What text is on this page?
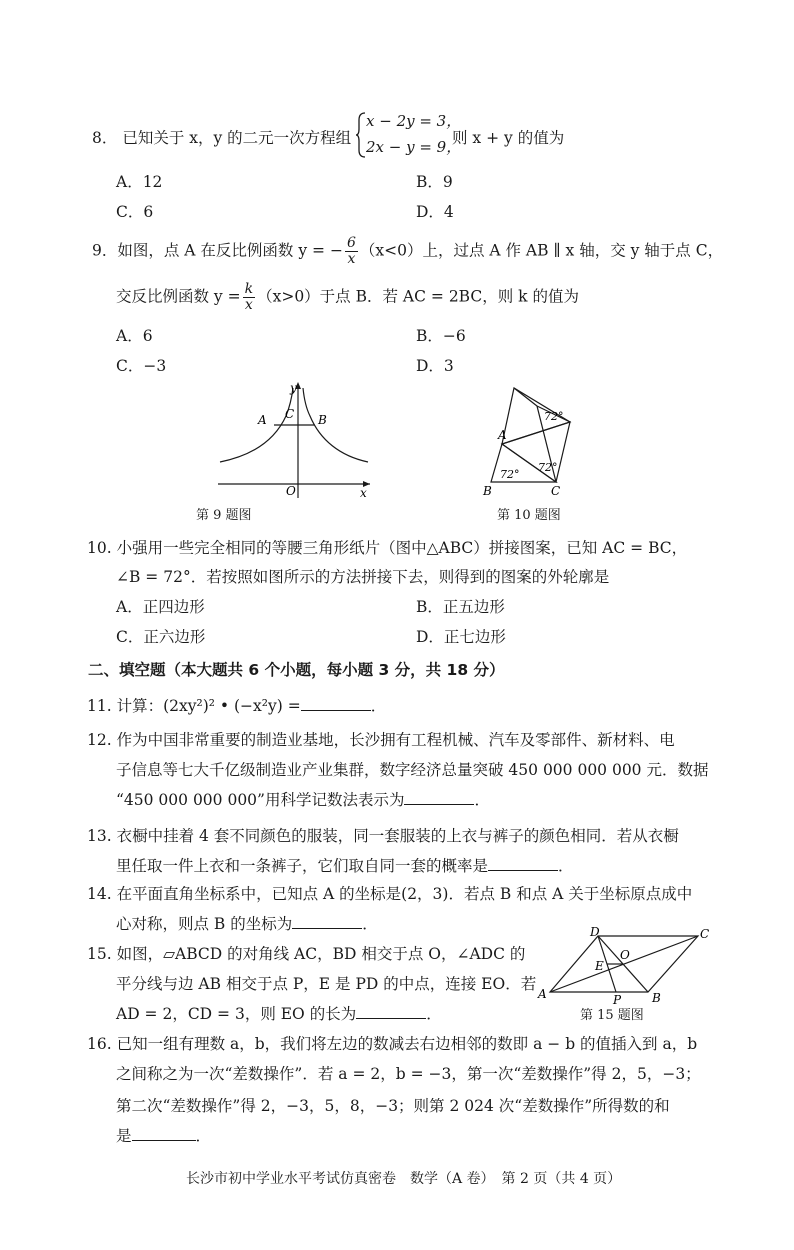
8． 已知关于 x，y 的二元一次方程组
x − 2y = 3，
2x − y = 9，
则 x + y 的值为
A．12	B．9
C．6	D．4
9．如图，点 A 在反比例函数 y = − $\frac{6}{x} (x<0)$上，过点 A 作 AB ∥ x 轴，交 y 轴于点 C，
交反比例函数 $y = \frac{k}{x} (x>0)$于点 B．若 AC = 2BC，则 k 的值为
A．6	B．−6
C．−3	D．3
y
x
O
A	B
C
第 9 题图
72°
72°
72°
A
B	C
第 10 题图
10. 小强用一些完全相同的等腰三角形纸片（图中△ABC）拼接图案，已知 AC = BC，
∠B = 72°．若按照如图所示的方法拼接下去，则得到的图案的外轮廓是
A．正四边形	B．正五边形
C．正六边形	D．正七边形
二、填空题（本大题共 6 个小题，每小题 3 分，共 18 分）
11. 计算：(2xy²)² • (−x²y) =	．
12. 作为中国非常重要的制造业基地，长沙拥有工程机械、汽车及零部件、新材料、电
子信息等七大千亿级制造业产业集群，数字经济总量突破 450 000 000 000 元．数据
“450 000 000 000”用科学记数法表示为	．
13. 衣橱中挂着 4 套不同颜色的服装，同一套服装的上衣与裤子的颜色相同．若从衣橱
里任取一件上衣和一条裤子，它们取自同一套的概率是	．
14. 在平面直角坐标系中，已知点 A 的坐标是(2，3)．若点 B 和点 A 关于坐标原点成中
心对称，则点 B 的坐标为	．
15. 如图，▱ABCD 的对角线 AC，BD 相交于点 O，∠ADC 的
平分线与边 AB 相交于点 P，E 是 PD 的中点，连接 EO．若
AD = 2，CD = 3，则 EO 的长为	．
D	C
A	B
P
E
O
第 15 题图
16. 已知一组有理数 a，b，我们将左边的数减去右边相邻的数即 a − b 的值插入到 a，b
之间称之为一次“差数操作”．若 a = 2，b = −3，第一次“差数操作”得 2，5，−3；
第二次“差数操作”得 2，−3，5，8，−3；则第 2 024 次“差数操作”所得数的和
是	．
长沙市初中学业水平考试仿真密卷　数学（A 卷）　第 2 页（共 4 页）
